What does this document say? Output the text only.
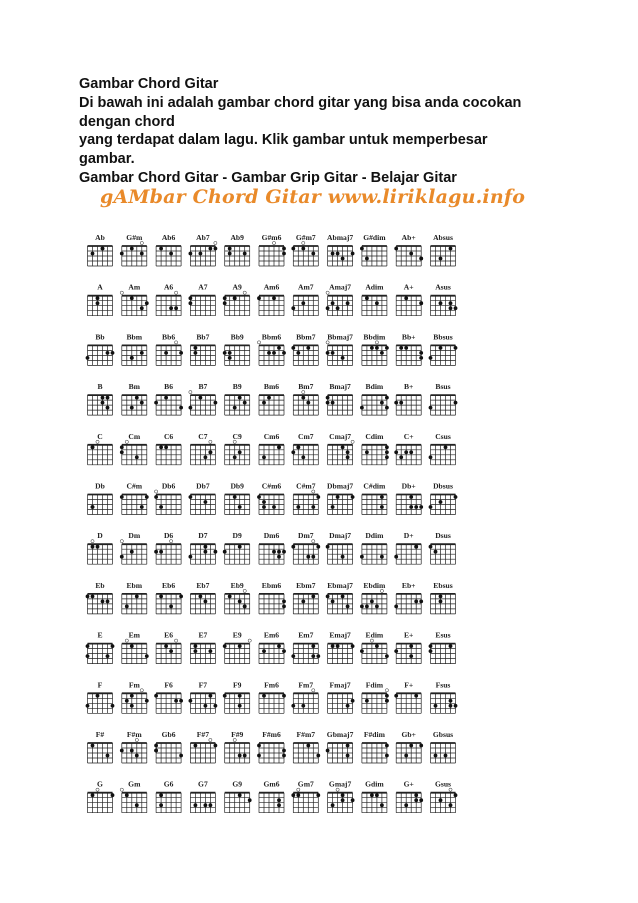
Gambar Chord Gitar
Di bawah ini adalah gambar chord gitar yang bisa anda cocokan
dengan chord
yang terdapat dalam lagu. Klik gambar untuk memperbesar
gambar.
Gambar Chord Gitar - Gambar Grip Gitar - Belajar Gitar
Ab	G#m	Ab6	Ab7	Ab9 G#m6 G#m7 Abmaj7 G#dim Ab+ Absus
A	Am	A6	A7	A9	Am6 Am7 Amaj7 Adim	A+	Asus
Bb	Bbm	Bb6	Bb7	Bb9 Bbm6 Bbm7 Bbmaj7 Bbdim Bb+ Bbsus
B	Bm	B6	B7	B9	Bm6	Bm7 Bmaj7 Bdim	B+	Bsus
C	Cm	C6	C7	C9	Cm6 Cm7 Cmaj7 Cdim	C+	Csus
Db	C#m	Db6	Db7	Db9 C#m6 C#m7 Dbmaj7 C#dim Db+ Dbsus
D	Dm	D6	D7	D9	Dm6 Dm7 Dmaj7 Ddim	D+	Dsus
Eb	Ebm	Eb6	Eb7	Eb9 Ebm6 Ebm7 Ebmaj7 Ebdim Eb+ Ebsus
E	Em	E6	E7	E9	Em6	Em7 Emaj7 Edim	E+	Esus
F	Fm	F6	F7	F9	Fm6	Fm7 Fmaj7 Fdim	F+	Fsus
F#	F#m	Gb6	F#7	F#9 F#m6 F#m7 Gbmaj7 F#dim Gb+ Gbsus
G	Gm	G6	G7	G9	Gm6 Gm7 Gmaj7 Gdim	G+	Gsus
gAMbar Chord Gitar www.liriklagu.info
